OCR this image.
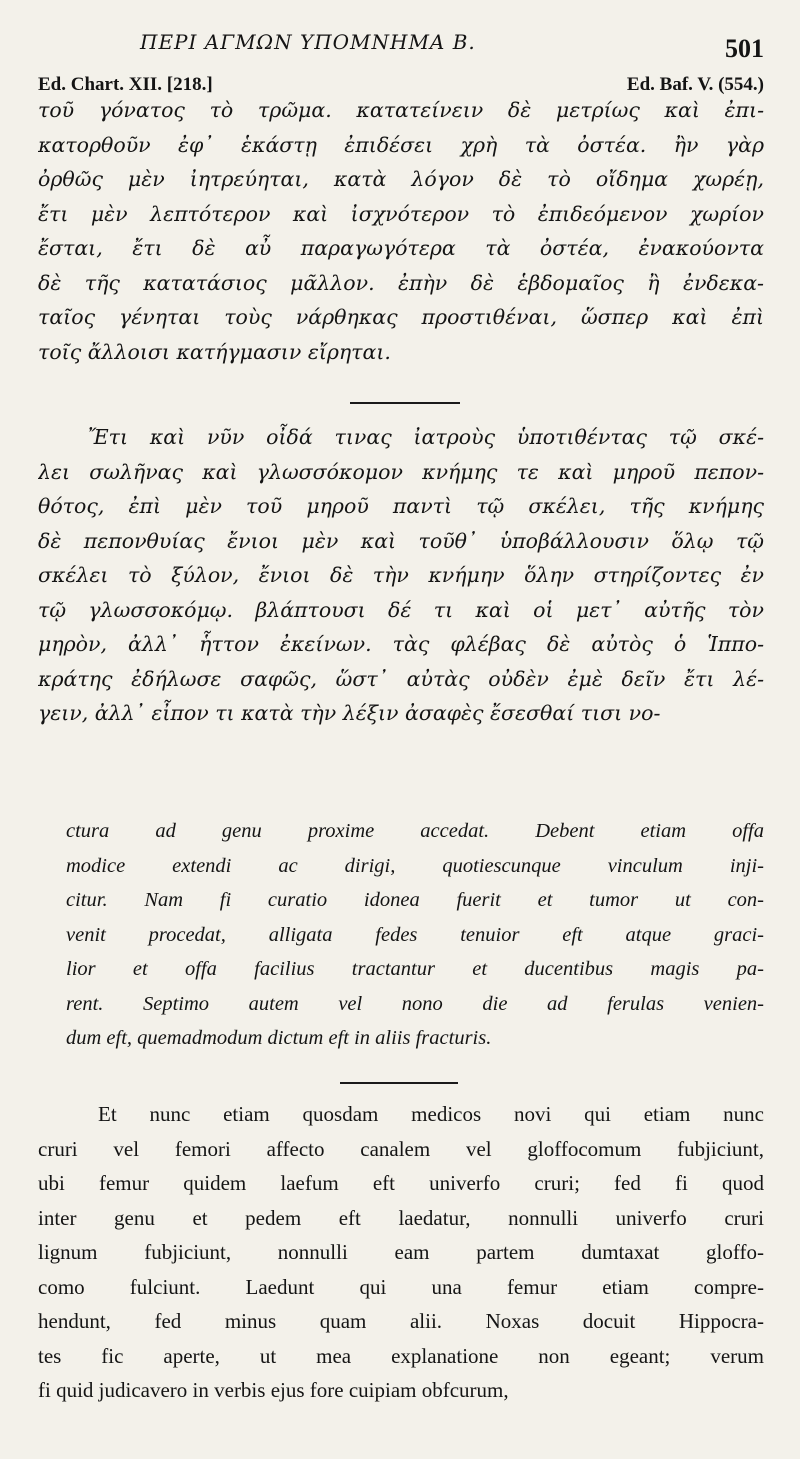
ΠΕΡΙ ΑΓΜΩΝ ΥΠΟΜΝΗΜΑ Β.	501
Ed. Chart. XII. [218.]	Ed. Baf. V. (554.)
τοῦ γόνατος τὸ τρῶμα. κατατείνειν δὲ μετρίως καὶ ἐπι-
κατορθοῦν ἐφ᾽ ἑκάστῃ ἐπιδέσει χρὴ τὰ ὀστέα. ἢν γὰρ
ὀρθῶς μὲν ἰητρεύηται, κατὰ λόγον δὲ τὸ οἴδημα χωρέῃ,
ἔτι μὲν λεπτότερον καὶ ἰσχνότερον τὸ ἐπιδεόμενον χωρίον
ἔσται, ἔτι δὲ αὖ παραγωγότερα τὰ ὀστέα, ἐνακούοντα
δὲ τῆς κατατάσιος μᾶλλον. ἐπὴν δὲ ἑβδομαῖος ἢ ἐνδεκα-
ταῖος γένηται τοὺς νάρθηκας προστιθέναι, ὥσπερ καὶ ἐπὶ
τοῖς ἄλλοισι κατήγμασιν εἴρηται.
Ἔτι καὶ νῦν οἶδά τινας ἰατροὺς ὑποτιθέντας τῷ σκέ-
λει σωλῆνας καὶ γλωσσόκομον κνήμης τε καὶ μηροῦ πεπον-
θότος, ἐπὶ μὲν τοῦ μηροῦ παντὶ τῷ σκέλει, τῆς κνήμης
δὲ πεπονθυίας ἔνιοι μὲν καὶ τοῦθ᾽ ὑποβάλλουσιν ὅλῳ τῷ
σκέλει τὸ ξύλον, ἔνιοι δὲ τὴν κνήμην ὅλην στηρίζοντες ἐν
τῷ γλωσσοκόμῳ. βλάπτουσι δέ τι καὶ οἱ μετ᾽ αὐτῆς τὸν
μηρὸν, ἀλλ᾽ ἧττον ἐκείνων. τὰς φλέβας δὲ αὐτὸς ὁ Ἱππο-
κράτης ἐδήλωσε σαφῶς, ὥστ᾽ αὐτὰς οὐδὲν ἐμὲ δεῖν ἔτι λέ-
γειν, ἀλλ᾽ εἶπον τι κατὰ τὴν λέξιν ἀσαφὲς ἔσεσθαί τισι νο-
ctura ad genu proxime accedat. Debent etiam offa
modice extendi ac dirigi, quotiescunque vinculum inji-
citur. Nam fi curatio idonea fuerit et tumor ut con-
venit procedat, alligata fedes tenuior eft atque graci-
lior et offa facilius tractantur et ducentibus magis pa-
rent. Septimo autem vel nono die ad ferulas venien-
dum eft, quemadmodum dictum eft in aliis fracturis.
Et nunc etiam quosdam medicos novi qui etiam nunc
cruri vel femori affecto canalem vel gloffocomum fubjiciunt,
ubi femur quidem laefum eft univerfo cruri; fed fi quod
inter genu et pedem eft laedatur, nonnulli univerfo cruri
lignum fubjiciunt, nonnulli eam partem dumtaxat gloffo-
como fulciunt. Laedunt qui una femur etiam compre-
hendunt, fed minus quam alii. Noxas docuit Hippocra-
tes fic aperte, ut mea explanatione non egeant; verum
fi quid judicavero in verbis ejus fore cuipiam obfcurum,
